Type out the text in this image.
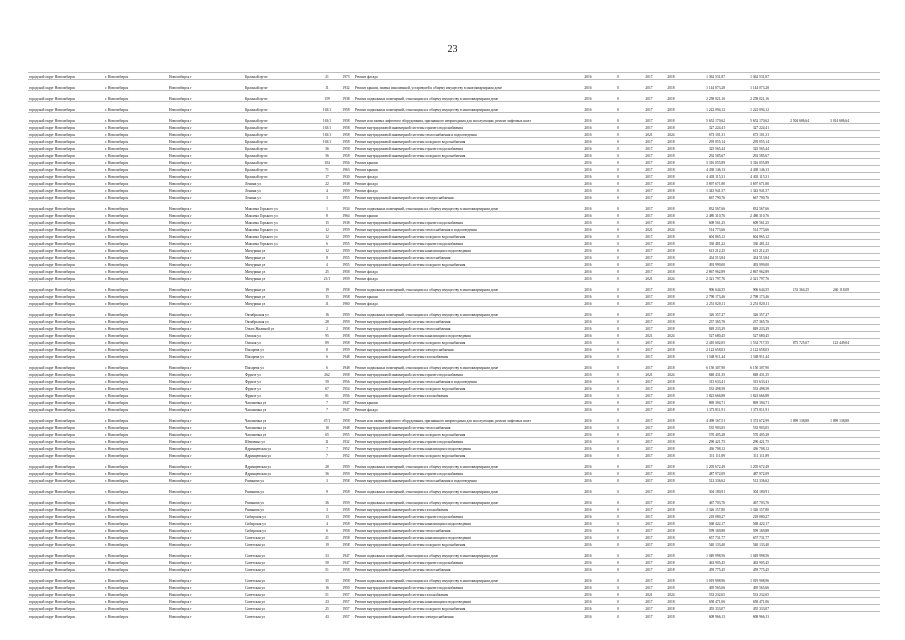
23
городской округ Новосибирск	г. Новосибирск	Новосибирск г	Красный пр-кт	21	1973	Ремонт фасада	2016	0	2017	2018	1 362 531,87	1 362 531,87			
городской округ Новосибирск	г. Новосибирск	Новосибирск г	Красный пр-кт	11	1932	Ремонт крыши, замена изношенной, устаревшей к общему имуществу в многоквартирном доме	2016	0	2017	2018	1 144 073,28	1 144 073,28			
городской округ Новосибирск	г. Новосибирск	Новосибирск г	Красный пр-кт	159	1938	Ремонт подвальных помещений, относящихся к общему имуществу в многоквартирном доме	2016	0	2017	2018	2 258 021,16	2 258 021,16			
городской округ Новосибирск	г. Новосибирск	Новосибирск г	Красный пр-кт	163/1	1958	Ремонт подвальных помещений, относящихся к общему имуществу в многоквартирном доме	2016	0	2017	2018	1 222 094,12	1 222 094,12			
городской округ Новосибирск	г. Новосибирск	Новосибирск г	Красный пр-кт	163/1	1958	Ремонт или замена лифтового оборудования, признанного непригодным для эксплуатации, ремонт лифтовых шахт	2016	0	2017	2018	5 652 170,62	5 652 170,62	2 504 686,64	3 014 686,64	
городской округ Новосибирск	г. Новосибирск	Новосибирск г	Красный пр-кт	163/1	1958	Ремонт внутридомовой инженерной системы горячего водоснабжения	2016	0	2017	2018	327 224,41	327 224,41			
городской округ Новосибирск	г. Новосибирск	Новосибирск г	Красный пр-кт	163/1	1958	Ремонт внутридомовой инженерной системы теплоснабжения и водоотведения	2016	0	2021	2024	673 101,31	673 101,31			
городской округ Новосибирск	г. Новосибирск	Новосибирск г	Красный пр-кт	163/1	1958	Ремонт внутридомовой инженерной системы холодного водоснабжения	2016	0	2017	2018	295 055,14	295 055,14			
городской округ Новосибирск	г. Новосибирск	Новосибирск г	Красный пр-кт	36	1958	Ремонт внутридомовой инженерной системы горячего водоснабжения	2016	0	2017	2018	325 565,44	325 565,44			
городской округ Новосибирск	г. Новосибирск	Новосибирск г	Красный пр-кт	56	1958	Ремонт внутридомовой инженерной системы холодного водоснабжения	2016	0	2017	2018	292 585,67	292 585,67			
городской округ Новосибирск	г. Новосибирск	Новосибирск г	Красный пр-кт	104	1956	Ремонт крыши	2016	0	2017	2018	3 316 055,89	3 316 055,89			
городской округ Новосибирск	г. Новосибирск	Новосибирск г	Красный пр-кт	71	1963	Ремонт крыши	2016	0	2017	2018	4 438 146,13	4 438 146,13			
городской округ Новосибирск	г. Новосибирск	Новосибирск г	Красный пр-кт	17	1930	Ремонт фасада	2016	0	2017	2018	4 403 115,31	4 403 115,31			
городской округ Новосибирск	г. Новосибирск	Новосибирск г	Ленина ул	22	1938	Ремонт фасада	2016	0	2017	2018	3 697 671,80	3 697 671,80			
городской округ Новосибирск	г. Новосибирск	Новосибирск г	Ленина ул	4	1959	Ремонт фасада	2016	0	2017	2018	1 343 941,57	1 343 941,57			
городской округ Новосибирск	г. Новосибирск	Новосибирск г	Ленина ул	3	1955	Ремонт внутридомовой инженерной системы электроснабжения	2016	0	2017	2018	667 790,76	667 790,76			
городской округ Новосибирск	г. Новосибирск	Новосибирск г	Максима Горького ул	1	1934	Ремонт подвальных помещений, относящихся к общему имуществу в многоквартирном доме	2016	0	2017	2018	832 567,66	832 567,66			
городской округ Новосибирск	г. Новосибирск	Новосибирск г	Максима Горького ул	8	1964	Ремонт крыши	2016	0	2017	2018	2 480 310,76	2 480 310,76			
городской округ Новосибирск	г. Новосибирск	Новосибирск г	Максима Горького ул	15	1938	Ремонт внутридомовой инженерной системы горячего водоснабжения	2016	0	2017	2018	608 561,25	608 561,25			
городской округ Новосибирск	г. Новосибирск	Новосибирск г	Максима Горького ул	12	1959	Ремонт внутридомовой инженерной системы теплоснабжения и водоотведения	2016	0	2021	2024	514 773,66	514 773,66			
городской округ Новосибирск	г. Новосибирск	Новосибирск г	Максима Горького ул	12	1959	Ремонт внутридомовой инженерной системы холодного водоснабжения	2016	0	2017	2018	604 865,12	604 865,12			
городской округ Новосибирск	г. Новосибирск	Новосибирск г	Максима Горького ул	6	1955	Ремонт внутридомовой инженерной системы горячего водоснабжения	2016	0	2017	2018	330 481,22	330 481,22			
городской округ Новосибирск	г. Новосибирск	Новосибирск г	Мичурина ул	12	1959	Ремонт внутридомовой инженерной системы канализации и водоотведения	2016	0	2017	2018	613 212,25	613 212,25			
городской округ Новосибирск	г. Новосибирск	Новосибирск г	Мичурина ул	8	1955	Ремонт внутридомовой инженерной системы теплоснабжения	2016	0	2017	2018	434 513,84	434 513,84			
городской округ Новосибирск	г. Новосибирск	Новосибирск г	Мичурина ул	4	1955	Ремонт внутридомовой инженерной системы холодного водоснабжения	2016	0	2017	2018	493 999,00	493 999,00			
городской округ Новосибирск	г. Новосибирск	Новосибирск г	Мичурина ул	25	1958	Ремонт фасада	2016	0	2017	2018	2 867 962,89	2 867 962,89			
городской округ Новосибирск	г. Новосибирск	Новосибирск г	Мичурина ул	21/1	1959	Ремонт фасада	2016	0	2021	2024	2 321 797,76	2 321 797,76			
городской округ Новосибирск	г. Новосибирск	Новосибирск г	Мичурина ул	19	1958	Ремонт подвальных помещений, относящихся к общему имуществу в многоквартирном доме	2016	0	2017	2018	906 644,55	906 644,55	153 364,25	246 118,08	
городской округ Новосибирск	г. Новосибирск	Новосибирск г	Мичурина ул	15	1958	Ремонт крыши	2016	0	2017	2018	2 798 173,46	2 798 173,46			
городской округ Новосибирск	г. Новосибирск	Новосибирск г	Мичурина ул	11	1960	Ремонт фасада	2016	0	2017	2018	2 251 820,11	2 251 820,11			
городской округ Новосибирск	г. Новосибирск	Новосибирск г	Октябрьская ул	16	1959	Ремонт подвальных помещений, относящихся к общему имуществу в многоквартирном доме	2016	0	2017	2018	326 357,27	326 357,27			
городской округ Новосибирск	г. Новосибирск	Новосибирск г	Октябрьская ул	28	1959	Ремонт внутридомовой инженерной системы теплоснабжения	2016	0	2017	2018	237 365,76	237 365,76			
городской округ Новосибирск	г. Новосибирск	Новосибирск г	Ольги Жилиной ул	2	1958	Ремонт внутридомовой инженерной системы теплоснабжения	2016	0	2017	2018	849 233,29	849 233,29			
городской округ Новосибирск	г. Новосибирск	Новосибирск г	Омская ул	95	1958	Ремонт внутридомовой инженерной системы канализации и водоотведения	2016	0	2021	2024	527 680,45	527 680,45			
городской округ Новосибирск	г. Новосибирск	Новосибирск г	Омская ул	89	1958	Ремонт внутридомовой инженерной системы холодного водоснабжения	2016	0	2017	2018	2 410 602,05	1 534 717,55	875 725,07	123 449,04	
городской округ Новосибирск	г. Новосибирск	Новосибирск г	Писарева ул	8	1959	Ремонт внутридомовой инженерной системы электроснабжения	2016	0	2017	2018	2 122 658,03	2 122 658,03			
городской округ Новосибирск	г. Новосибирск	Новосибирск г	Писарева ул	6	1948	Ремонт внутридомовой инженерной системы газоснабжения	2016	0	2017	2018	1 548 911,44	1 548 911,44			
городской округ Новосибирск	г. Новосибирск	Новосибирск г	Писарева ул	6	1948	Ремонт подвальных помещений, относящихся к общему имуществу в многоквартирном доме	2016	0	2017	2018	6 150 307,90	6 150 307,90			
городской округ Новосибирск	г. Новосибирск	Новосибирск г	Фрунзе ул	262	1958	Ремонт внутридомовой инженерной системы горячего водоснабжения	2016	0	2021	2024	848 431,35	848 431,35			
городской округ Новосибирск	г. Новосибирск	Новосибирск г	Фрунзе ул	59	1956	Ремонт внутридомовой инженерной системы теплоснабжения и водоотведения	2016	0	2017	2018	315 633,41	315 633,41			
городской округ Новосибирск	г. Новосибирск	Новосибирск г	Фрунзе ул	67	1954	Ремонт внутридомовой инженерной системы холодного водоснабжения	2016	0	2017	2018	533 498,58	533 498,58			
городской округ Новосибирск	г. Новосибирск	Новосибирск г	Фрунзе ул	81	1956	Ремонт внутридомовой инженерной системы газоснабжения	2016	0	2017	2018	1 823 666,88	1 823 666,88			
городской округ Новосибирск	г. Новосибирск	Новосибирск г	Чаплыгина ул	7	1947	Ремонт крыши	2016	0	2017	2018	869 394,71	869 394,71			
городской округ Новосибирск	г. Новосибирск	Новосибирск г	Чаплыгина ул	7	1947	Ремонт фасада	2016	0	2017	2018	1 373 811,91	1 373 811,91			
городской округ Новосибирск	г. Новосибирск	Новосибирск г	Чаплыгина ул	47/1	1958	Ремонт или замена лифтового оборудования, признанного непригодным для эксплуатации, ремонт лифтовых шахт	2016	0	2017	2018	4 498 167,51	3 374 672,99	1 099 138,88	1 099 138,88	
городской округ Новосибирск	г. Новосибирск	Новосибирск г	Чаплыгина ул	18	1948	Ремонт внутридомовой инженерной системы теплоснабжения	2016	0	2017	2018	535 903,05	535 903,05			
городской округ Новосибирск	г. Новосибирск	Новосибирск г	Чаплыгина ул	65	1955	Ремонт внутридомовой инженерной системы холодного водоснабжения	2016	0	2017	2018	570 405,28	570 405,28			
городской округ Новосибирск	г. Новосибирск	Новосибирск г	Шевченко ул	11	1932	Ремонт внутридомовой инженерной системы горячего водоснабжения	2016	0	2017	2018	290 421,75	290 421,75			
городской округ Новосибирск	г. Новосибирск	Новосибирск г	Ядринцевская ул	7	1952	Ремонт внутридомовой инженерной системы канализации и водоотведения	2016	0	2017	2018	436 708,12	436 708,12			
городской округ Новосибирск	г. Новосибирск	Новосибирск г	Ядринцевская ул	7	1952	Ремонт внутридомовой инженерной системы холодного водоснабжения	2016	0	2017	2018	311 111,89	311 111,89			
городской округ Новосибирск	г. Новосибирск	Новосибирск г	Ядринцевская ул	28	1959	Ремонт подвальных помещений, относящихся к общему имуществу в многоквартирном доме	2016	0	2017	2018	1 205 672,49	1 205 672,49			
городской округ Новосибирск	г. Новосибирск	Новосибирск г	Ядринцевская ул	36	1959	Ремонт внутридомовой инженерной системы горячего водоснабжения	2016	0	2017	2018	487 972,09	487 972,09			
городской округ Новосибирск	г. Новосибирск	Новосибирск г	Романова ул	3	1958	Ремонт внутридомовой инженерной системы теплоснабжения и водоотведения	2016	0	2017	2018	512 336,62	512 336,62			
городской округ Новосибирск	г. Новосибирск	Новосибирск г	Романова ул	9	1958	Ремонт подвальных помещений, относящихся к общему имуществу в многоквартирном доме	2016	0	2017	2018	304 180,91	304 180,91			
городской округ Новосибирск	г. Новосибирск	Новосибирск г	Романова ул	36	1959	Ремонт подвальных помещений, относящихся к общему имуществу в многоквартирном доме	2016	0	2017	2018	467 703,76	467 703,76			
городской округ Новосибирск	г. Новосибирск	Новосибирск г	Романова ул	3	1958	Ремонт внутридомовой инженерной системы газоснабжения	2016	0	2017	2018	1 326 157,80	1 326 157,80			
городской округ Новосибирск	г. Новосибирск	Новосибирск г	Сибирская ул	13	1958	Ремонт внутридомовой инженерной системы горячего водоснабжения	2016	0	2017	2018	218 080,27	218 080,27			
городской округ Новосибирск	г. Новосибирск	Новосибирск г	Сибирская ул	4	1958	Ремонт внутридомовой инженерной системы канализации и водоотведения	2016	0	2017	2018	568 422,17	568 422,17			
городской округ Новосибирск	г. Новосибирск	Новосибирск г	Сибирская ул	6	1958	Ремонт внутридомовой инженерной системы теплоснабжения	2016	0	2017	2018	599 169,88	599 169,88			
городской округ Новосибирск	г. Новосибирск	Новосибирск г	Советская ул	21	1958	Ремонт внутридомовой инженерной системы канализации и водоотведения	2016	0	2017	2018	657 731,77	657 731,77			
городской округ Новосибирск	г. Новосибирск	Новосибирск г	Советская ул	19	1958	Ремонт внутридомовой инженерной системы холодного водоснабжения	2016	0	2017	2018	540 133,40	540 133,40			
городской округ Новосибирск	г. Новосибирск	Новосибирск г	Советская ул	33	1947	Ремонт подвальных помещений, относящихся к общему имуществу в многоквартирном доме	2016	0	2017	2018	1 049 998,56	1 049 998,56			
городской округ Новосибирск	г. Новосибирск	Новосибирск г	Советская ул	50	1947	Ремонт внутридомовой инженерной системы горячего водоснабжения	2016	0	2017	2018	463 905,45	463 905,45			
городской округ Новосибирск	г. Новосибирск	Новосибирск г	Советская ул	51	1958	Ремонт внутридомовой инженерной системы теплоснабжения	2016	0	2017	2018	459 775,45	459 775,45			
городской округ Новосибирск	г. Новосибирск	Новосибирск г	Советская ул	35	1958	Ремонт подвальных помещений, относящихся к общему имуществу в многоквартирном доме	2016	0	2017	2018	1 019 908,96	1 019 908,96			
городской округ Новосибирск	г. Новосибирск	Новосибирск г	Советская ул	16	1950	Ремонт внутридомовой инженерной системы горячего водоснабжения	2016	0	2017	2018	495 565,66	495 565,66			
городской округ Новосибирск	г. Новосибирск	Новосибирск г	Советская ул	51	1957	Ремонт внутридомовой инженерной системы газоснабжения	2016	0	2021	2024	533 232,65	533 232,65			
городской округ Новосибирск	г. Новосибирск	Новосибирск г	Советская ул	23	1957	Ремонт внутридомовой инженерной системы канализации и водоотведения	2016	0	2017	2018	658 471,06	658 471,06			
городской округ Новосибирск	г. Новосибирск	Новосибирск г	Советская ул	25	1957	Ремонт внутридомовой инженерной системы холодного водоснабжения	2016	0	2017	2018	455 333,07	455 333,07			
городской округ Новосибирск	г. Новосибирск	Новосибирск г	Советская ул	43	1957	Ремонт внутридомовой инженерной системы электроснабжения	2016	0	2017	2018	608 966,13	608 966,13			
